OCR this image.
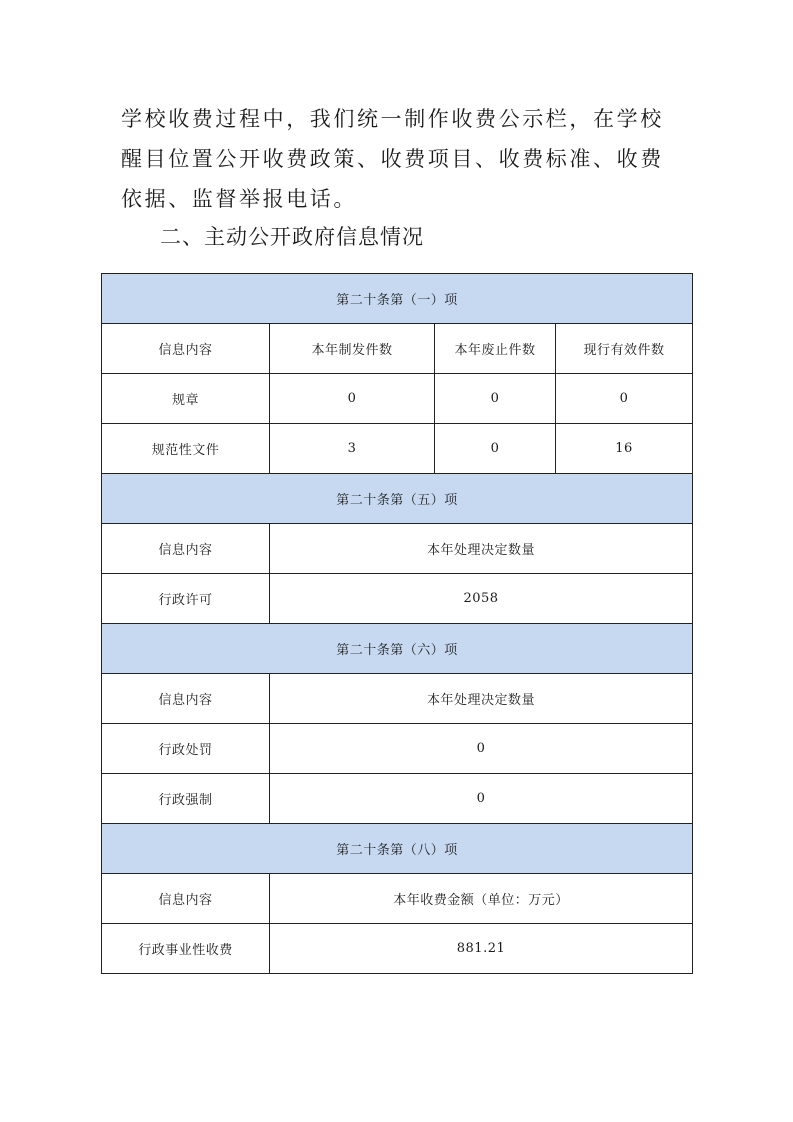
学校收费过程中，我们统一制作收费公示栏，在学校醒目位置公开收费政策、收费项目、收费标准、收费依据、监督举报电话。

二、主动公开政府信息情况
第二十条第（一）项			
信息内容	本年制发件数	本年废止件数	现行有效件数
规章	0	0	0
规范性文件	3	0	16
第二十条第（五）项			
信息内容	本年处理决定数量		
行政许可	2058		
第二十条第（六）项			
信息内容	本年处理决定数量		
行政处罚	0		
行政强制	0		
第二十条第（八）项			
信息内容	本年收费金额（单位：万元）		
行政事业性收费	881.21		
